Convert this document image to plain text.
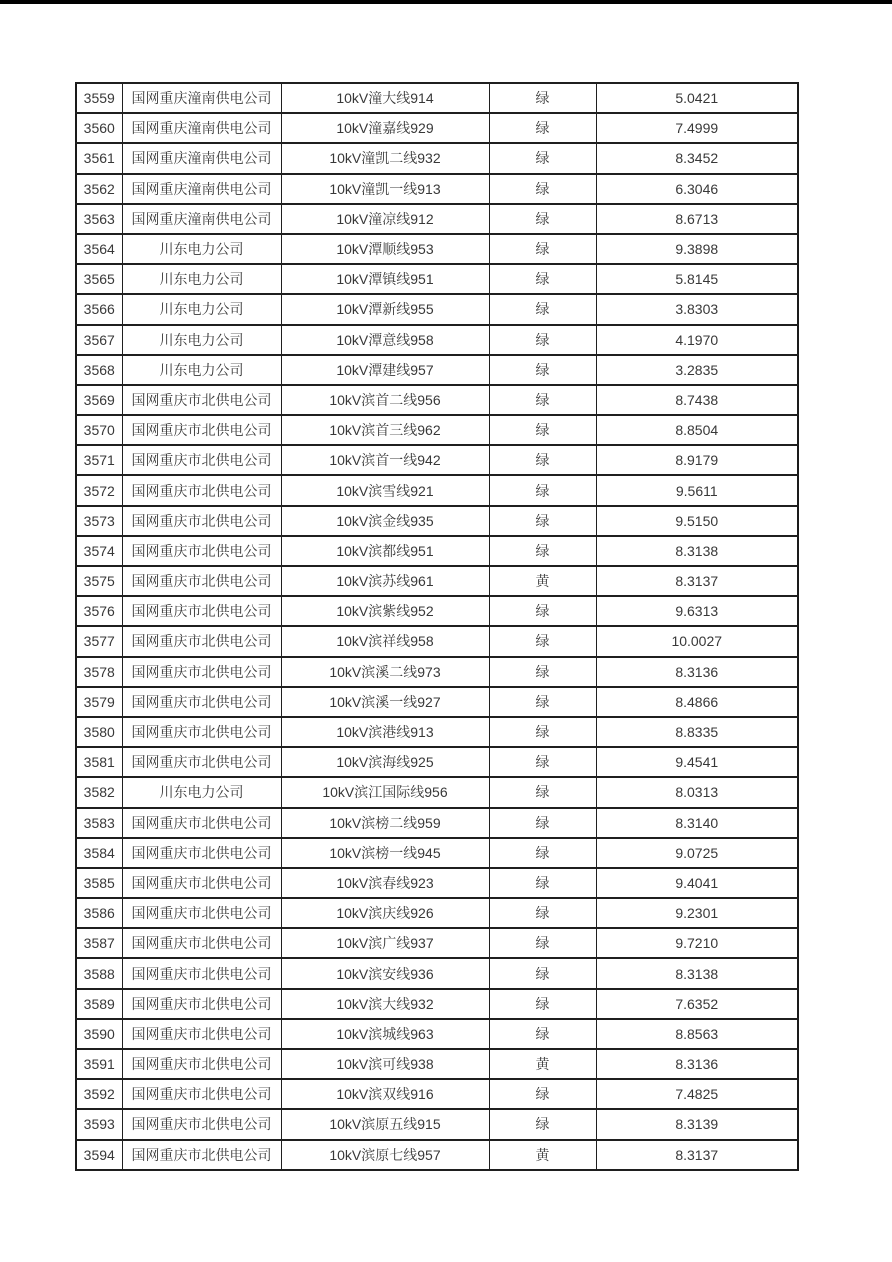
3559	国网重庆潼南供电公司	10kV潼大线914	绿	5.0421
3560	国网重庆潼南供电公司	10kV潼嘉线929	绿	7.4999
3561	国网重庆潼南供电公司	10kV潼凯二线932	绿	8.3452
3562	国网重庆潼南供电公司	10kV潼凯一线913	绿	6.3046
3563	国网重庆潼南供电公司	10kV潼凉线912	绿	8.6713
3564	川东电力公司	10kV潭顺线953	绿	9.3898
3565	川东电力公司	10kV潭镇线951	绿	5.8145
3566	川东电力公司	10kV潭新线955	绿	3.8303
3567	川东电力公司	10kV潭意线958	绿	4.1970
3568	川东电力公司	10kV潭建线957	绿	3.2835
3569	国网重庆市北供电公司	10kV滨首二线956	绿	8.7438
3570	国网重庆市北供电公司	10kV滨首三线962	绿	8.8504
3571	国网重庆市北供电公司	10kV滨首一线942	绿	8.9179
3572	国网重庆市北供电公司	10kV滨雪线921	绿	9.5611
3573	国网重庆市北供电公司	10kV滨金线935	绿	9.5150
3574	国网重庆市北供电公司	10kV滨都线951	绿	8.3138
3575	国网重庆市北供电公司	10kV滨苏线961	黄	8.3137
3576	国网重庆市北供电公司	10kV滨紫线952	绿	9.6313
3577	国网重庆市北供电公司	10kV滨祥线958	绿	10.0027
3578	国网重庆市北供电公司	10kV滨溪二线973	绿	8.3136
3579	国网重庆市北供电公司	10kV滨溪一线927	绿	8.4866
3580	国网重庆市北供电公司	10kV滨港线913	绿	8.8335
3581	国网重庆市北供电公司	10kV滨海线925	绿	9.4541
3582	川东电力公司	10kV滨江国际线956	绿	8.0313
3583	国网重庆市北供电公司	10kV滨榜二线959	绿	8.3140
3584	国网重庆市北供电公司	10kV滨榜一线945	绿	9.0725
3585	国网重庆市北供电公司	10kV滨春线923	绿	9.4041
3586	国网重庆市北供电公司	10kV滨庆线926	绿	9.2301
3587	国网重庆市北供电公司	10kV滨广线937	绿	9.7210
3588	国网重庆市北供电公司	10kV滨安线936	绿	8.3138
3589	国网重庆市北供电公司	10kV滨大线932	绿	7.6352
3590	国网重庆市北供电公司	10kV滨城线963	绿	8.8563
3591	国网重庆市北供电公司	10kV滨可线938	黄	8.3136
3592	国网重庆市北供电公司	10kV滨双线916	绿	7.4825
3593	国网重庆市北供电公司	10kV滨原五线915	绿	8.3139
3594	国网重庆市北供电公司	10kV滨原七线957	黄	8.3137
